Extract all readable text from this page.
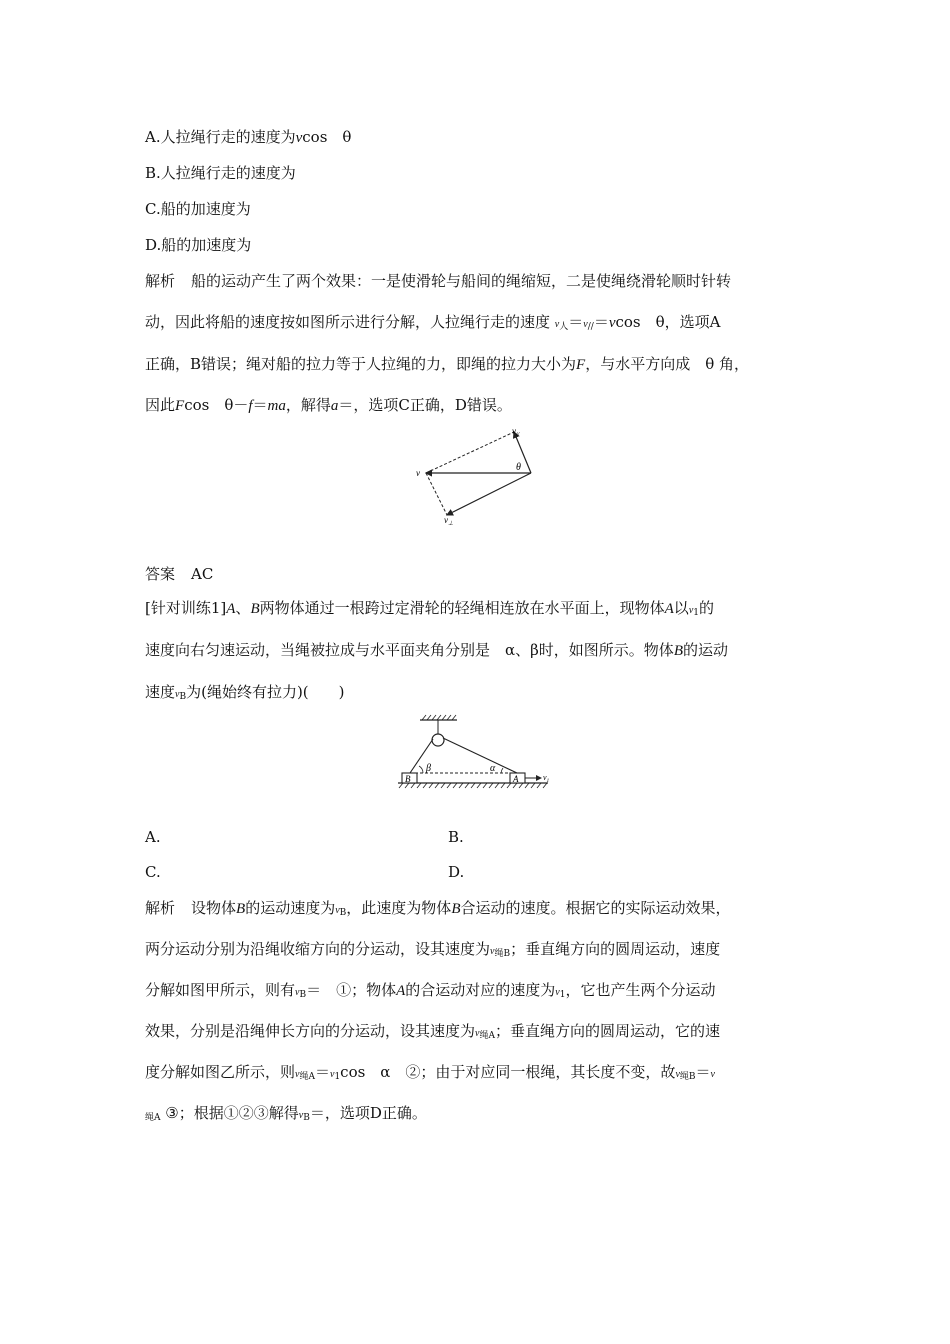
A.人拉绳行走的速度为vcos　θ
B.人拉绳行走的速度为
C.船的加速度为
D.船的加速度为
解析 船的运动产生了两个效果：一是使滑轮与船间的绳缩短，二是使绳绕滑轮顺时针转
动，因此将船的速度按如图所示进行分解，人拉绳行走的速度 $v_人=v_{//}=vcos$　θ，选项A
正确，B错误；绳对船的拉力等于人拉绳的力，即绳的拉力大小为F，与水平方向成　θ 角，
因此Fcos　θ－f＝ma，解得a＝，选项C正确，D错误。
v
$v_{//}$
$v_\perp$
θ
答案 AC
[针对训练1]A、B两物体通过一根跨过定滑轮的轻绳相连放在水平面上，现物体A以$v_1$的
速度向右匀速运动，当绳被拉成与水平面夹角分别是　α、β时，如图所示。物体B的运动
速度$v_B$为(绳始终有拉力)(　　)
B	A
β	α
$v_1$
A.	B.
C.	D.
解析 设物体B的运动速度为$v_B$，此速度为物体B合运动的速度。根据它的实际运动效果，
两分运动分别为沿绳收缩方向的分运动，设其速度为$v_{绳B}$；垂直绳方向的圆周运动，速度
分解如图甲所示，则有$v_B=$　①；物体A的合运动对应的速度为$v_1$，它也产生两个分运动
效果，分别是沿绳伸长方向的分运动，设其速度为$v_{绳A}$；垂直绳方向的圆周运动，它的速
度分解如图乙所示，则$v_{绳A}=v_1\cos$　α　②；由于对应同一根绳，其长度不变，故$v_{绳B}=v$
$_{绳A}$ ③；根据①②③解得$v_B=$，选项D正确。
